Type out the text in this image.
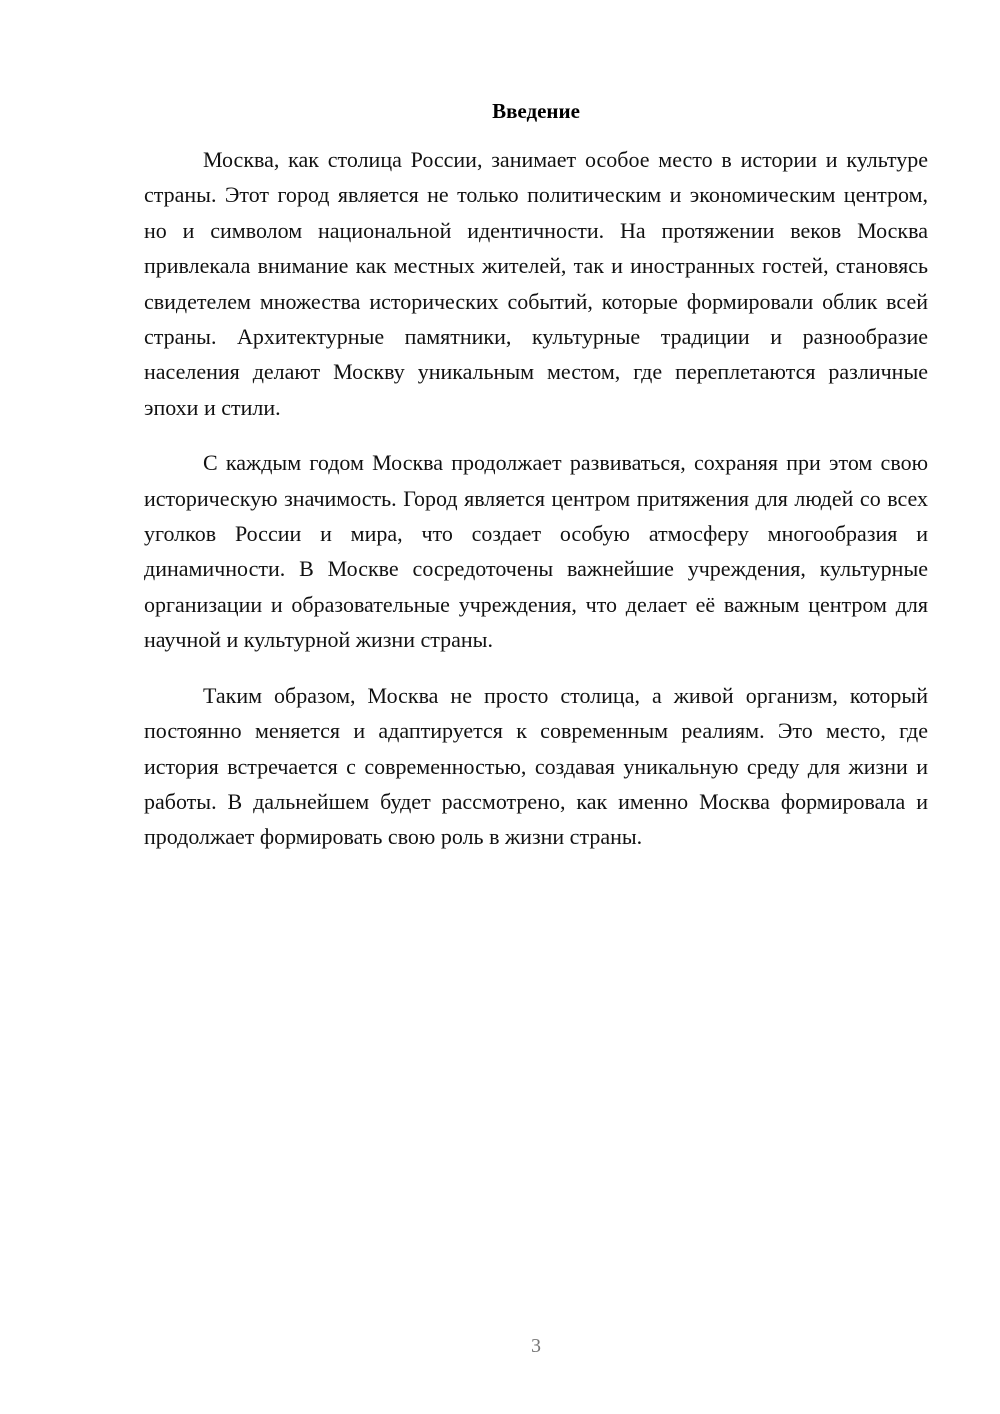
Введение

Москва, как столица России, занимает особое место в истории и культуре страны. Этот город является не только политическим и экономическим центром, но и символом национальной идентичности. На протяжении веков Москва привлекала внимание как местных жителей, так и иностранных гостей, становясь свидетелем множества исторических событий, которые формировали облик всей страны. Архитектурные памятники, культурные традиции и разнообразие населения делают Москву уникальным местом, где переплетаются различные эпохи и стили.

С каждым годом Москва продолжает развиваться, сохраняя при этом свою историческую значимость. Город является центром притяжения для людей со всех уголков России и мира, что создает особую атмосферу многообразия и динамичности. В Москве сосредоточены важнейшие учреждения, культурные организации и образовательные учреждения, что делает её важным центром для научной и культурной жизни страны.

Таким образом, Москва не просто столица, а живой организм, который постоянно меняется и адаптируется к современным реалиям. Это место, где история встречается с современностью, создавая уникальную среду для жизни и работы. В дальнейшем будет рассмотрено, как именно Москва формировала и продолжает формировать свою роль в жизни страны.

3
